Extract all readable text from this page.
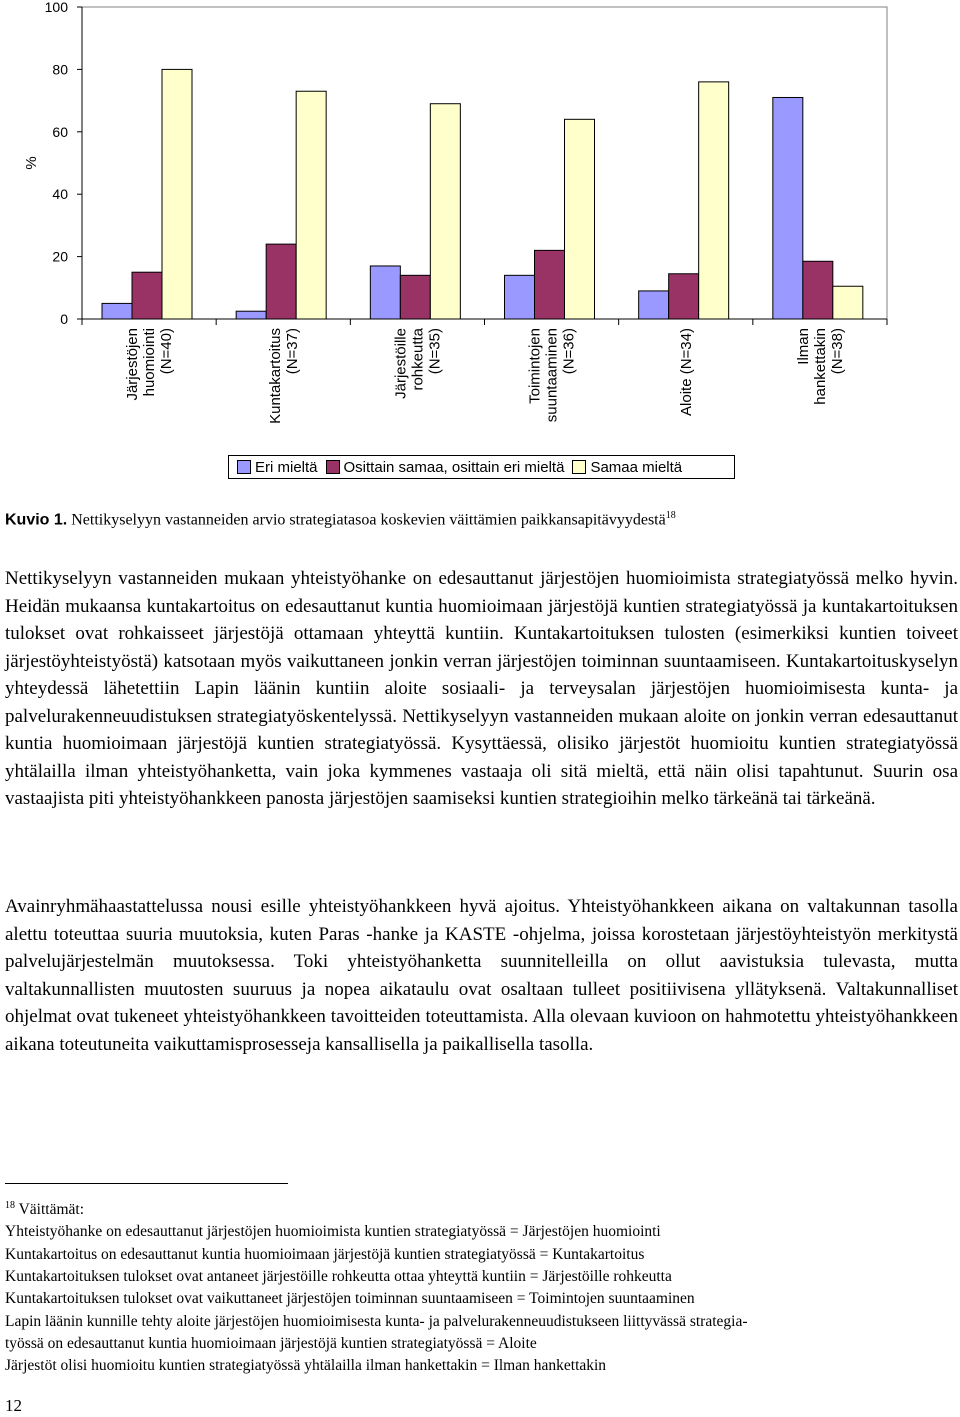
0
20
40
60
80
100
%
Järjestöjenhuomiointi(N=40)	Kuntakartoitus(N=37)	Järjestöillerohkeutta(N=35)	Toimintojensuuntaaminen(N=36)	Aloite (N=34)	Ilmanhankettakin(N=38)
Eri mieltä Osittain samaa, osittain eri mieltä Samaa mieltä
Kuvio 1. Nettikyselyyn vastanneiden arvio strategiatasoa koskevien väittämien paikkansapitävyydestä$^{18}$

Nettikyselyyn vastanneiden mukaan yhteistyöhanke on edesauttanut järjestöjen huomioimista strategiatyössä melko hyvin. Heidän mukaansa kuntakartoitus on edesauttanut kuntia huomioimaan järjestöjä kuntien strategiatyössä ja kuntakartoituksen tulokset ovat rohkaisseet järjestöjä ottamaan yhteyttä kuntiin. Kuntakartoituksen tulosten (esimerkiksi kuntien toiveet järjestöyhteistyöstä) katsotaan myös vaikuttaneen jonkin verran järjestöjen toiminnan suuntaamiseen. Kuntakartoituskyselyn yhteydessä lähetettiin Lapin läänin kuntiin aloite sosiaali- ja terveysalan järjestöjen huomioimisesta kunta- ja palvelurakenneuudistuksen strategiatyöskentelyssä. Nettikyselyyn vastanneiden mukaan aloite on jonkin verran edesauttanut kuntia huomioimaan järjestöjä kuntien strategiatyössä. Kysyttäessä, olisiko järjestöt huomioitu kuntien strategiatyössä yhtälailla ilman yhteistyöhanketta, vain joka kymmenes vastaaja oli sitä mieltä, että näin olisi tapahtunut. Suurin osa vastaajista piti yhteistyöhankkeen panosta järjestöjen saamiseksi kuntien strategioihin melko tärkeänä tai tärkeänä.

Avainryhmähaastattelussa nousi esille yhteistyöhankkeen hyvä ajoitus. Yhteistyöhankkeen aikana on valtakunnan tasolla alettu toteuttaa suuria muutoksia, kuten Paras -hanke ja KASTE -ohjelma, joissa korostetaan järjestöyhteistyön merkitystä palvelujärjestelmän muutoksessa. Toki yhteistyöhanketta suunnitelleilla on ollut aavistuksia tulevasta, mutta valtakunnallisten muutosten suuruus ja nopea aikataulu ovat osaltaan tulleet positiivisena yllätyksenä. Valtakunnalliset ohjelmat ovat tukeneet yhteistyöhankkeen tavoitteiden toteuttamista. Alla olevaan kuvioon on hahmotettu yhteistyöhankkeen aikana toteutuneita vaikuttamisprosesseja kansallisella ja paikallisella tasolla.

$^{18}$ Väittämät:
Yhteistyöhanke on edesauttanut järjestöjen huomioimista kuntien strategiatyössä = Järjestöjen huomiointi
Kuntakartoitus on edesauttanut kuntia huomioimaan järjestöjä kuntien strategiatyössä = Kuntakartoitus
Kuntakartoituksen tulokset ovat antaneet järjestöille rohkeutta ottaa yhteyttä kuntiin = Järjestöille rohkeutta
Kuntakartoituksen tulokset ovat vaikuttaneet järjestöjen toiminnan suuntaamiseen = Toimintojen suuntaaminen
Lapin läänin kunnille tehty aloite järjestöjen huomioimisesta kunta- ja palvelurakenneuudistukseen liittyvässä strategia-
työssä on edesauttanut kuntia huomioimaan järjestöjä kuntien strategiatyössä = Aloite
Järjestöt olisi huomioitu kuntien strategiatyössä yhtälailla ilman hankettakin = Ilman hankettakin
12
